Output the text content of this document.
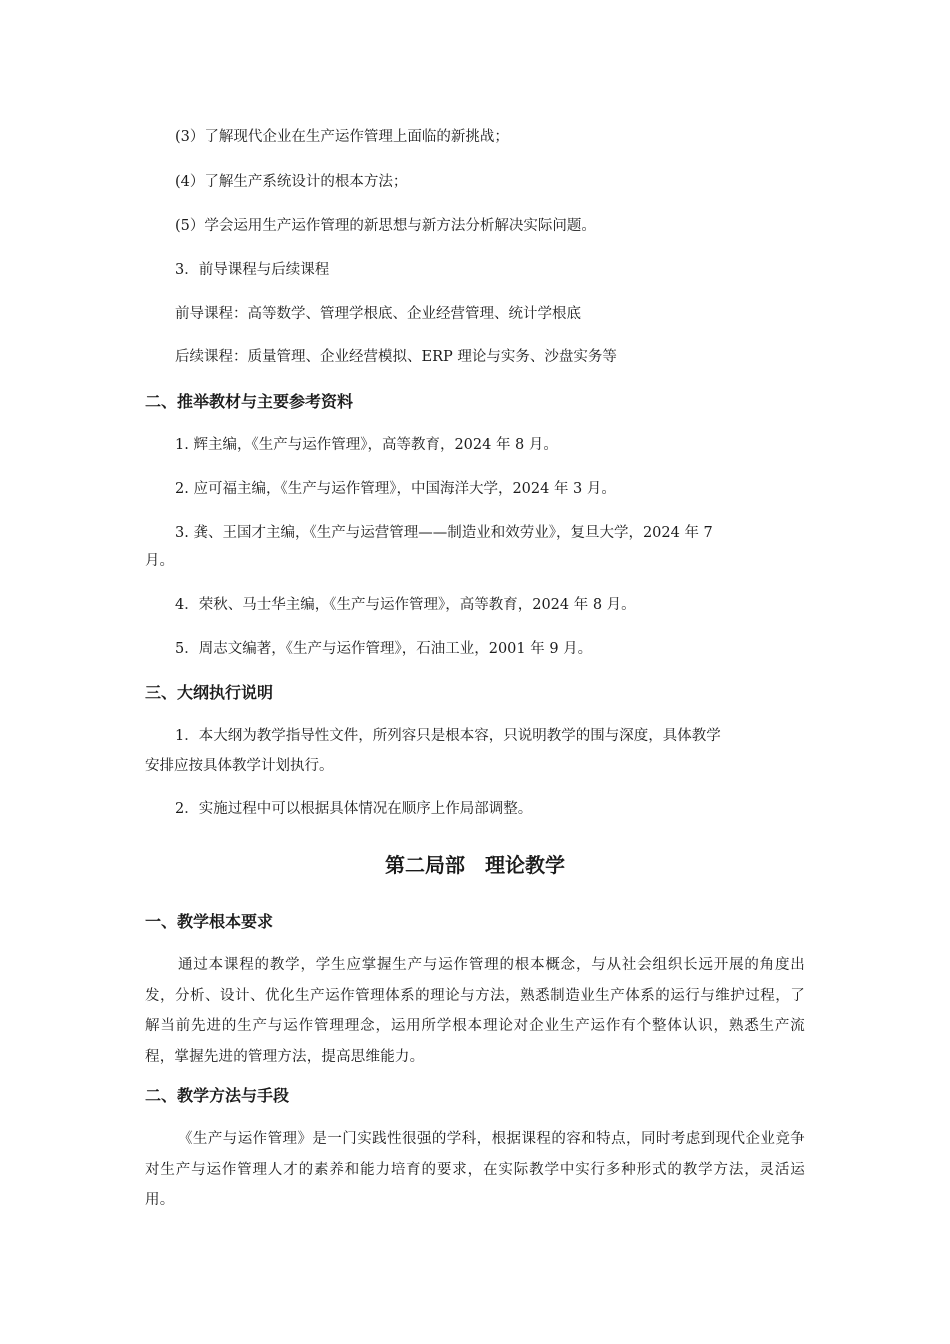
(3）了解现代企业在生产运作管理上面临的新挑战；
(4）了解生产系统设计的根本方法；
(5）学会运用生产运作管理的新思想与新方法分析解决实际问题。
3．前导课程与后续课程
前导课程：高等数学、管理学根底、企业经营管理、统计学根底
后续课程：质量管理、企业经营模拟、ERP 理论与实务、沙盘实务等
二、推举教材与主要参考资料
1. 辉主编，《生产与运作管理》，高等教育，2024 年 8 月。
2. 应可福主编，《生产与运作管理》，中国海洋大学，2024 年 3 月。
3. 龚、王国才主编，《生产与运营管理——制造业和效劳业》，复旦大学，2024 年 7
月。
4．荣秋、马士华主编，《生产与运作管理》，高等教育，2024 年 8 月。
5．周志文编著，《生产与运作管理》，石油工业，2001 年 9 月。
三、大纲执行说明
1．本大纲为教学指导性文件，所列容只是根本容，只说明教学的围与深度，具体教学
安排应按具体教学计划执行。
2．实施过程中可以根据具体情况在顺序上作局部调整。
第二局部　理论教学
一、教学根本要求
通过本课程的教学，学生应掌握生产与运作管理的根本概念，与从社会组织长远开展的角度出发，分析、设计、优化生产运作管理体系的理论与方法，熟悉制造业生产体系的运行与维护过程，了解当前先进的生产与运作管理理念，运用所学根本理论对企业生产运作有个整体认识，熟悉生产流程，掌握先进的管理方法，提高思维能力。
二、教学方法与手段
《生产与运作管理》是一门实践性很强的学科，根据课程的容和特点，同时考虑到现代企业竞争对生产与运作管理人才的素养和能力培育的要求，在实际教学中实行多种形式的教学方法，灵活运用。
